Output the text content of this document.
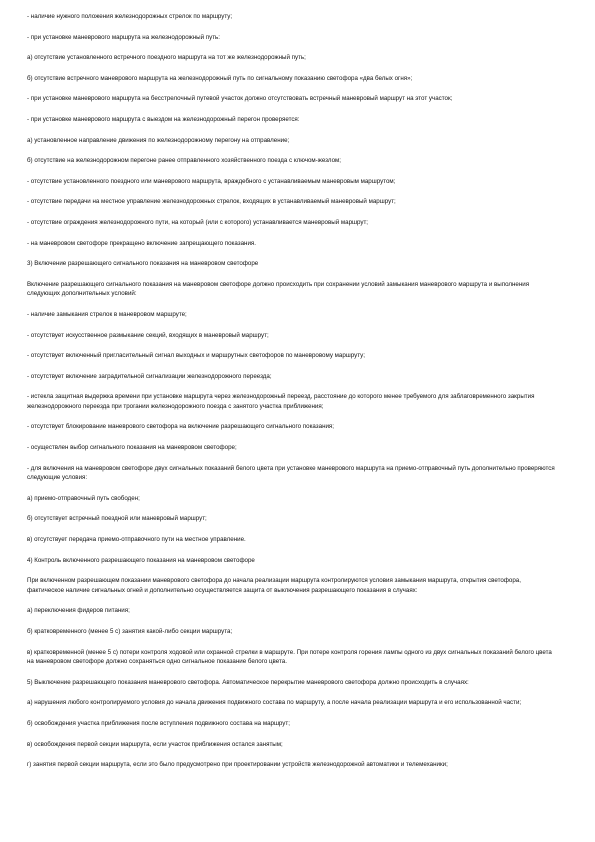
- наличие нужного положения железнодорожных стрелок по маршруту;

- при установке маневрового маршрута на железнодорожный путь:

а) отсутствие установленного встречного поездного маршрута на тот же железнодорожный путь;

б) отсутствие встречного маневрового маршрута на железнодорожный путь по сигнальному показанию светофора «два белых огня»;

- при установке маневрового маршрута на бесстрелочный путевой участок должно отсутствовать встречный маневровый маршрут на этот участок;

- при установке маневрового маршрута с выездом на железнодорожный перегон проверяется:

а) установленное направление движения по железнодорожному перегону на отправление;

б) отсутствие на железнодорожном перегоне ранее отправленного хозяйственного поезда с ключом-жезлом;

- отсутствие установленного поездного или маневрового маршрута, враждебного с устанавливаемым маневровым маршрутом;

- отсутствие передачи на местное управление железнодорожных стрелок, входящих в устанавливаемый маневровый маршрут;

- отсутствие ограждения железнодорожного пути, на который (или с которого) устанавливается маневровый маршрут;

- на маневровом светофоре прекращено включение запрещающего показания.

3) Включение разрешающего сигнального показания на маневровом светофоре

Включение разрешающего сигнального показания на маневровом светофоре должно происходить при сохранении условий замыкания маневрового маршрута и выполнения следующих дополнительных условий:

- наличие замыкания стрелок в маневровом маршруте;

- отсутствует искусственное размыкание секций, входящих в маневровый маршрут;

- отсутствует включенный пригласительный сигнал выходных и маршрутных светофоров по маневровому маршруту;

- отсутствует включение заградительной сигнализации железнодорожного переезда;

- истекла защитная выдержка времени при установке маршрута через железнодорожный переезд, расстояние до которого менее требуемого для заблаговременного закрытия железнодорожного переезда при трогании железнодорожного поезда с занятого участка приближения;

- отсутствует блокирование маневрового светофора на включение разрешающего сигнального показания;

- осуществлен выбор сигнального показания на маневровом светофоре;

- для включения на маневровом светофоре двух сигнальных показаний белого цвета при установке маневрового маршрута на приемо-отправочный путь дополнительно проверяются следующие условия:

а) приемо-отправочный путь свободен;

б) отсутствует встречный поездной или маневровый маршрут;

в) отсутствует передача приемо-отправочного пути на местное управление.

4) Контроль включенного разрешающего показания на маневровом светофоре

При включенном разрешающем показании маневрового светофора до начала реализации маршрута контролируются условия замыкания маршрута, открытия светофора, фактическое наличие сигнальных огней и дополнительно осуществляется защита от выключения разрешающего показания в случаях:

а) переключения фидеров питания;

б) кратковременного (менее 5 с) занятия какой-либо секции маршрута;

в) кратковременной (менее 5 с) потери контроля ходовой или охранной стрелки в маршруте. При потере контроля горения лампы одного из двух сигнальных показаний белого цвета на маневровом светофоре должно сохраняться одно сигнальное показание белого цвета.

5) Выключение разрешающего показания маневрового светофора. Автоматическое перекрытие маневрового светофора должно происходить в случаях:

а) нарушения любого контролируемого условия до начала движения подвижного состава по маршруту, а после начала реализации маршрута и его использованной части;

б) освобождения участка приближения после вступления подвижного состава на маршрут;

в) освобождения первой секции маршрута, если участок приближения остался занятым;

г) занятия первой секции маршрута, если это было предусмотрено при проектировании устройств железнодорожной автоматики и телемеханики;
